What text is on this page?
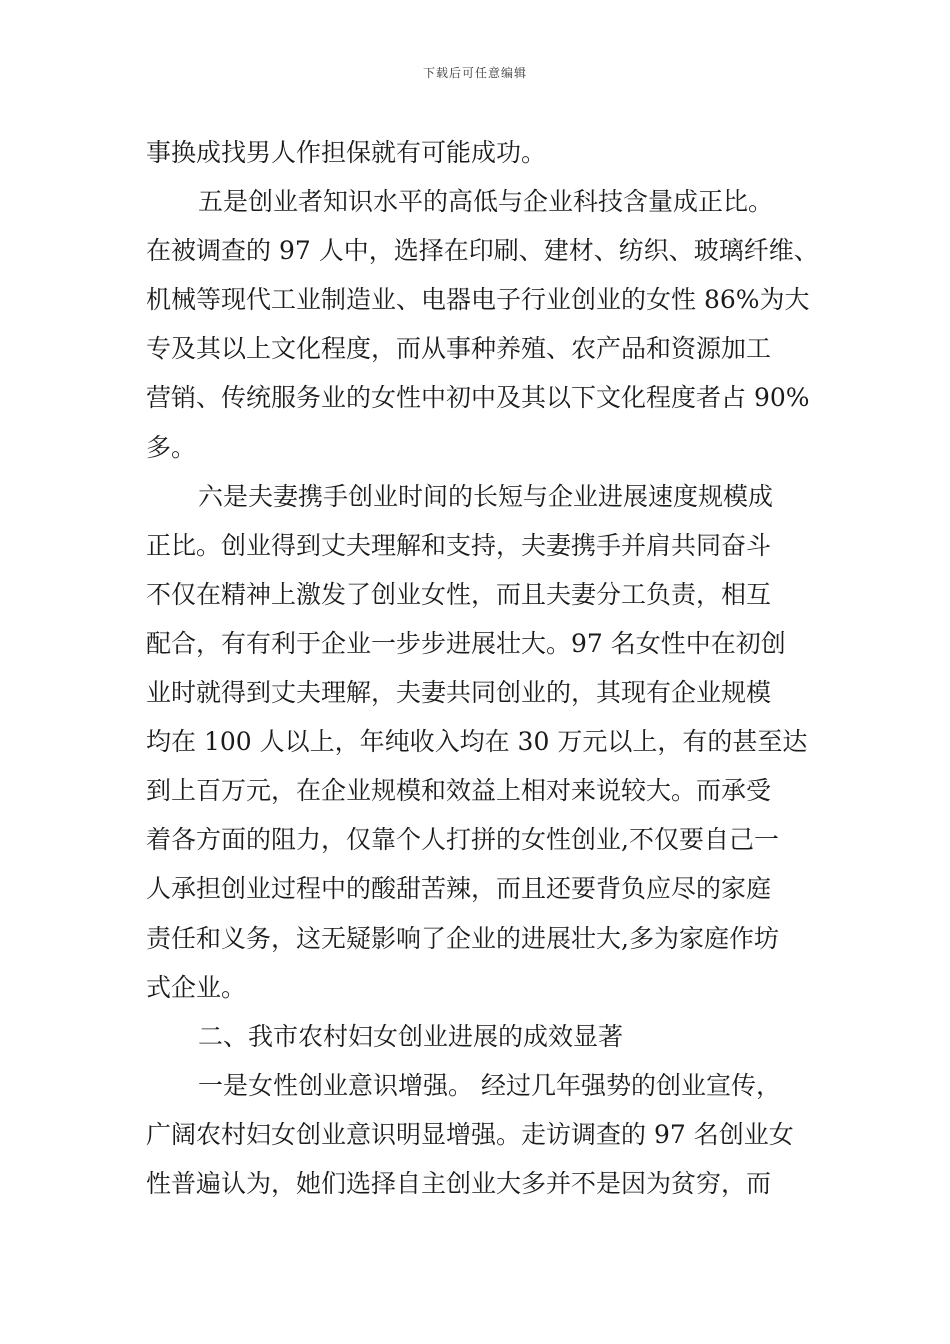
下载后可任意编辑
事换成找男人作担保就有可能成功。
五是创业者知识水平的高低与企业科技含量成正比。
在被调查的 97 人中，选择在印刷、建材、纺织、玻璃纤维、
机械等现代工业制造业、电器电子行业创业的女性 86%为大
专及其以上文化程度，而从事种养殖、农产品和资源加工
营销、传统服务业的女性中初中及其以下文化程度者占 90%
多。
六是夫妻携手创业时间的长短与企业进展速度规模成
正比。创业得到丈夫理解和支持，夫妻携手并肩共同奋斗
不仅在精神上激发了创业女性，而且夫妻分工负责，相互
配合，有有利于企业一步步进展壮大。97 名女性中在初创
业时就得到丈夫理解，夫妻共同创业的，其现有企业规模
均在 100 人以上，年纯收入均在 30 万元以上，有的甚至达
到上百万元，在企业规模和效益上相对来说较大。而承受
着各方面的阻力，仅靠个人打拼的女性创业,不仅要自己一
人承担创业过程中的酸甜苦辣，而且还要背负应尽的家庭
责任和义务，这无疑影响了企业的进展壮大,多为家庭作坊
式企业。
二、我市农村妇女创业进展的成效显著
一是女性创业意识增强。 经过几年强势的创业宣传，
广阔农村妇女创业意识明显增强。走访调查的 97 名创业女
性普遍认为，她们选择自主创业大多并不是因为贫穷，而
